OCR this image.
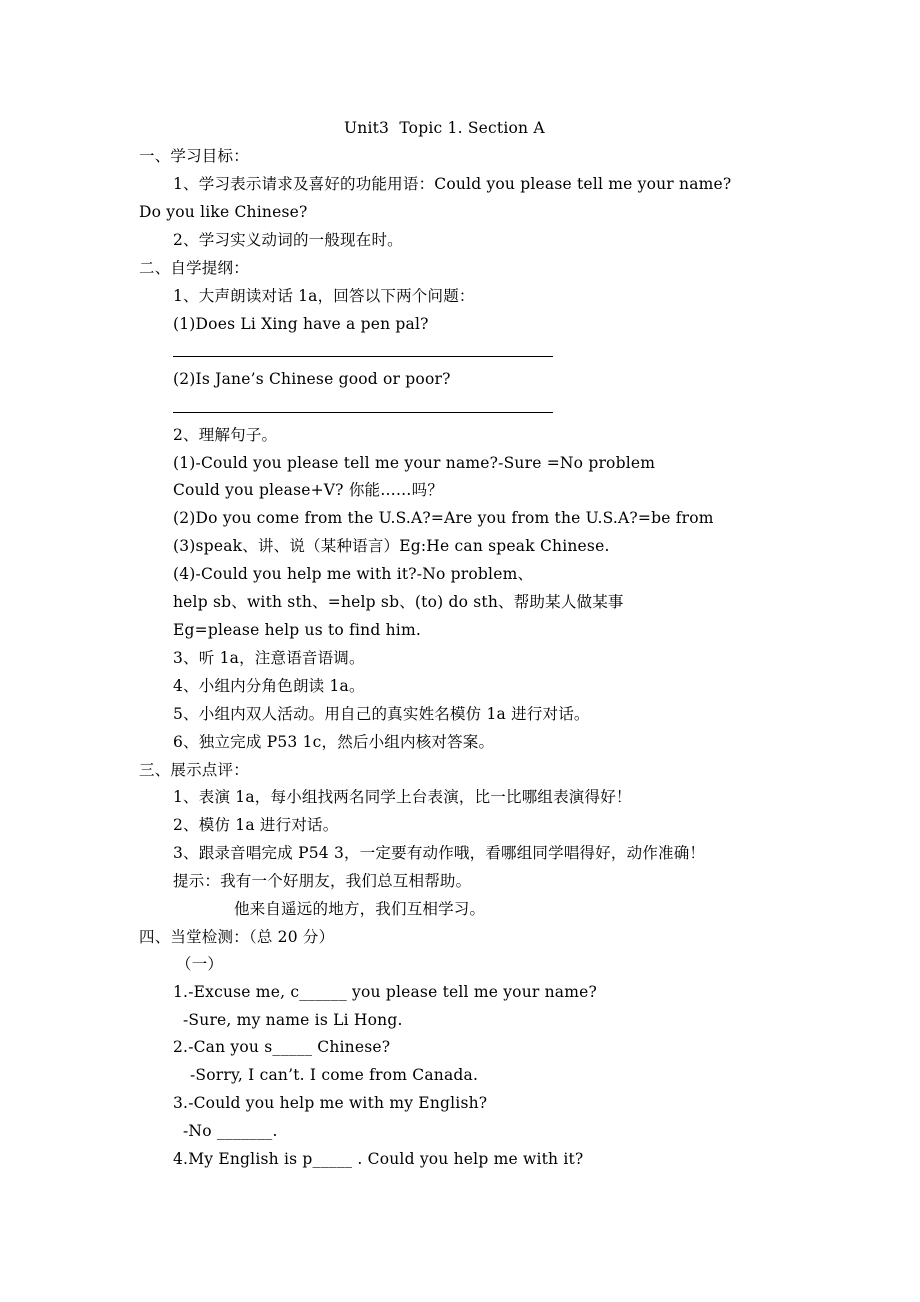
Unit3  Topic 1. Section A
一、学习目标：
1、学习表示请求及喜好的功能用语：Could you please tell me your name?
Do you like Chinese?
2、学习实义动词的一般现在时。
二、自学提纲：
1、大声朗读对话 1a，回答以下两个问题：
(1)Does Li Xing have a pen pal?
(2)Is Jane’s Chinese good or poor?
2、理解句子。
(1)-Could you please tell me your name?-Sure =No problem
Could you please+V? 你能……吗？
(2)Do you come from the U.S.A?=Are you from the U.S.A?=be from
(3)speak、讲、说（某种语言）Eg:He can speak Chinese.
(4)-Could you help me with it?-No problem、
help sb、with sth、=help sb、(to) do sth、帮助某人做某事
Eg=please help us to find him.
3、听 1a，注意语音语调。
4、小组内分角色朗读 1a。
5、小组内双人活动。用自己的真实姓名模仿 1a 进行对话。
6、独立完成 P53 1c，然后小组内核对答案。
三、展示点评：
1、表演 1a，每小组找两名同学上台表演，比一比哪组表演得好！
2、模仿 1a 进行对话。
3、跟录音唱完成 P54 3，一定要有动作哦，看哪组同学唱得好，动作准确！
提示：我有一个好朋友，我们总互相帮助。
他来自遥远的地方，我们互相学习。
四、当堂检测：（总 20 分）
（一）
1.-Excuse me, c______ you please tell me your name?
-Sure, my name is Li Hong.
2.-Can you s_____ Chinese?
-Sorry, I can’t. I come from Canada.
3.-Could you help me with my English?
-No _______.
4.My English is p_____ . Could you help me with it?
